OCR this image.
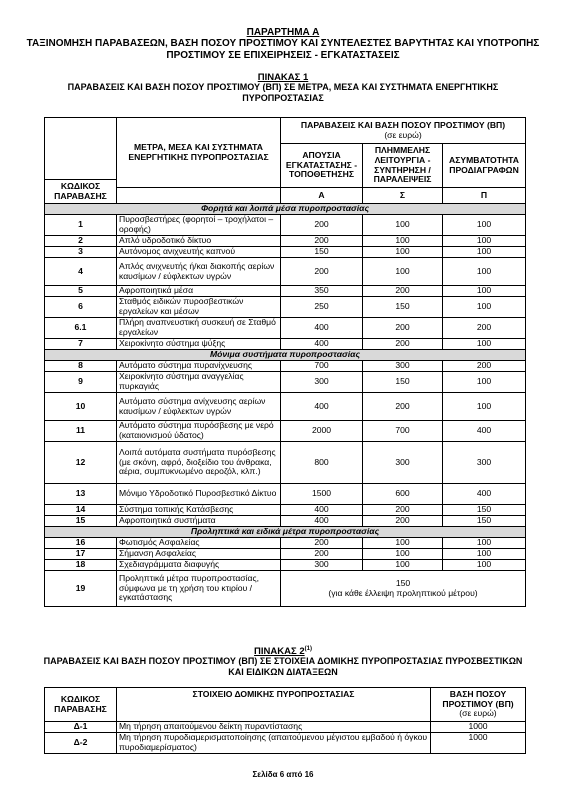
ΠΑΡΑΡΤΗΜΑ Α
ΤΑΞΙΝΟΜΗΣΗ ΠΑΡΑΒΑΣΕΩΝ, ΒΑΣΗ ΠΟΣΟΥ ΠΡΟΣΤΙΜΟΥ ΚΑΙ ΣΥΝΤΕΛΕΣΤΕΣ ΒΑΡΥΤΗΤΑΣ ΚΑΙ ΥΠΟΤΡΟΠΗΣ ΠΡΟΣΤΙΜΟΥ ΣΕ ΕΠΙΧΕΙΡΗΣΕΙΣ - ΕΓΚΑΤΑΣΤΑΣΕΙΣ
ΠΙΝΑΚΑΣ 1
ΠΑΡΑΒΑΣΕΙΣ ΚΑΙ ΒΑΣΗ ΠΟΣΟΥ ΠΡΟΣΤΙΜΟΥ (ΒΠ) ΣΕ ΜΕΤΡΑ, ΜΕΣΑ ΚΑΙ ΣΥΣΤΗΜΑΤΑ ΕΝΕΡΓΗΤΙΚΗΣ ΠΥΡΟΠΡΟΣΤΑΣΙΑΣ
	ΜΕΤΡΑ, ΜΕΣΑ ΚΑΙ ΣΥΣΤΗΜΑΤΑ ΕΝΕΡΓΗΤΙΚΗΣ ΠΥΡΟΠΡΟΣΤΑΣΙΑΣ	ΠΑΡΑΒΑΣΕΙΣ ΚΑΙ ΒΑΣΗ ΠΟΣΟΥ ΠΡΟΣΤΙΜΟΥ (ΒΠ)
(σε ευρώ)		

		ΑΠΟΥΣΙΑ ΕΓΚΑΤΑΣΤΑΣΗΣ - ΤΟΠΟΘΕΤΗΣΗΣ	ΠΛΗΜΜΕΛΗΣ ΛΕΙΤΟΥΡΓΙΑ - ΣΥΝΤΗΡΗΣΗ / ΠΑΡΑΛΕΙΨΕΙΣ	ΑΣΥΜΒΑΤΟΤΗΤΑ ΠΡΟΔΙΑΓΡΑΦΩΝ
ΚΩΔΙΚΟΣ ΠΑΡΑΒΑΣΗΣ				
		Α	Σ	Π
Φορητά και λοιπά μέσα πυροπροστασίας				
1	Πυροσβεστήρες (φορητοί – τροχήλατοι – οροφής)	200	100	100
2	Απλό υδροδοτικό δίκτυο	200	100	100
3	Αυτόνομος ανιχνευτής καπνού	150	100	100
4	Απλός ανιχνευτής ή/και διακοπής αερίων καυσίμων / εύφλεκτων υγρών	200	100	100
5	Αφροποιητικά μέσα	350	200	100
6	Σταθμός ειδικών πυροσβεστικών εργαλείων και μέσων	250	150	100
6.1	Πλήρη αναπνευστική συσκευή σε Σταθμό εργαλείων	400	200	200
7	Χειροκίνητο σύστημα ψύξης	400	200	100
Μόνιμα συστήματα πυροπροστασίας				
8	Αυτόματο σύστημα πυρανίχνευσης	700	300	200
9	Χειροκίνητο σύστημα αναγγελίας πυρκαγιάς	300	150	100
10	Αυτόματο σύστημα ανίχνευσης αερίων καυσίμων / εύφλεκτων υγρών	400	200	100
11	Αυτόματο σύστημα πυρόσβεσης με νερό (καταιονισμού ύδατος)	2000	700	400
12	Λοιπά αυτόματα συστήματα πυρόσβεσης (με σκόνη, αφρό, διοξείδιο του άνθρακα, αέρια, συμπυκνωμένο αεροζόλ, κλπ.)	800	300	300
13	Μόνιμο Υδροδοτικό Πυροσβεστικό Δίκτυο	1500	600	400
14	Σύστημα τοπικής Κατάσβεσης	400	200	150
15	Αφροποιητικά συστήματα	400	200	150
Προληπτικά και ειδικά μέτρα πυροπροστασίας				
16	Φωτισμός Ασφαλείας	200	100	100
17	Σήμανση Ασφαλείας	200	100	100
18	Σχεδιαγράμματα διαφυγής	300	100	100
19	Προληπτικά μέτρα πυροπροστασίας, σύμφωνα με τη χρήση του κτιρίου / εγκατάστασης	150
(για κάθε έλλειψη προληπτικού μέτρου)		
ΠΙΝΑΚΑΣ 2$^{(1)}$
ΠΑΡΑΒΑΣΕΙΣ ΚΑΙ ΒΑΣΗ ΠΟΣΟΥ ΠΡΟΣΤΙΜΟΥ (ΒΠ) ΣΕ ΣΤΟΙΧΕΙΑ ΔΟΜΙΚΗΣ ΠΥΡΟΠΡΟΣΤΑΣΙΑΣ ΠΥΡΟΣΒΕΣΤΙΚΩΝ ΚΑΙ ΕΙΔΙΚΩΝ ΔΙΑΤΑΞΕΩΝ
ΚΩΔΙΚΟΣ ΠΑΡΑΒΑΣΗΣ	ΣΤΟΙΧΕΙΟ ΔΟΜΙΚΗΣ ΠΥΡΟΠΡΟΣΤΑΣΙΑΣ	ΒΑΣΗ ΠΟΣΟΥ ΠΡΟΣΤΙΜΟΥ (ΒΠ)
(σε ευρώ)

Δ-1	Μη τήρηση απαιτούμενου δείκτη πυραντίστασης	1000
Δ-2	Μη τήρηση πυροδιαμερισματοποίησης (απαιτούμενου μέγιστου εμβαδού ή όγκου πυροδιαμερίσματος)	1000
Σελίδα 6 από 16
